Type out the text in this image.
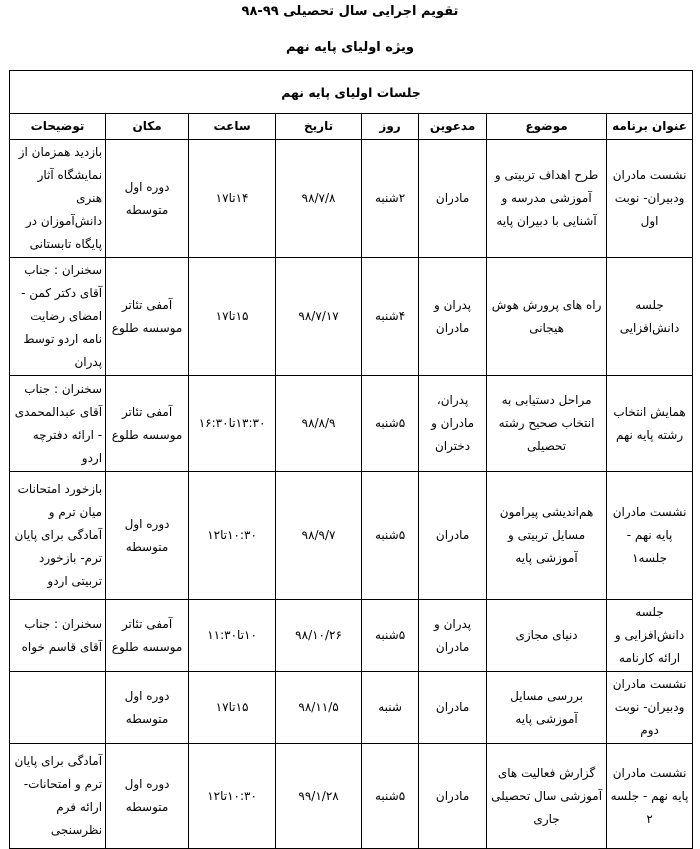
تقویم اجرایی سال تحصیلی ۹۹-۹۸
ویژه اولیای پایه نهم
جلسات اولیای پایه نهم							
عنوان برنامه	موضوع	مدعوین	روز	تاریخ	ساعت	مکان	توضیحات
نشست مادران ودبیران- نوبت اول	طرح اهداف تربیتی و آموزشی مدرسه و آشنایی با دبیران پایه	مادران	۲شنبه	۹۸/۷/۸	۱۴تا۱۷	دوره اول متوسطه	بازدید همزمان از نمایشگاه آثار هنری دانش‌آموزان در پایگاه تابستانی
جلسه دانش‌افزایی	راه های پرورش هوش هیجانی	پدران و مادران	۴شنبه	۹۸/۷/۱۷	۱۵تا۱۷	آمفی تئاتر موسسه طلوع	سخنران : جناب آقای دکتر کمن - امضای رضایت نامه اردو توسط پدران
همایش انتخاب رشته پایه نهم	مراحل دستیابی به انتخاب صحیح رشته تحصیلی	پدران، مادران و دختران	۵شنبه	۹۸/۸/۹	۱۳:۳۰تا۱۶:۳۰	آمفی تئاتر موسسه طلوع	سخنران : جناب آقای عبدالمحمدی - ارائه دفترچه اردو
نشست مادران پایه نهم - جلسه۱	هم‌اندیشی پیرامون مسایل تربیتی و آموزشی پایه	مادران	۵شنبه	۹۸/۹/۷	۱۰:۳۰تا۱۲	دوره اول متوسطه	بازخورد امتحانات میان ترم و آمادگی برای پایان ترم- بازخورد تربیتی اردو
جلسه دانش‌افزایی و ارائه کارنامه	دنیای مجازی	پدران و مادران	۵شنبه	۹۸/۱۰/۲۶	۱۰تا۱۱:۳۰	آمفی تئاتر موسسه طلوع	سخنران : جناب آقای قاسم خواه
نشست مادران ودبیران- نوبت دوم	بررسی مسایل آموزشی پایه	مادران	شنبه	۹۸/۱۱/۵	۱۵تا۱۷	دوره اول متوسطه	
نشست مادران پایه نهم - جلسه ۲	گزارش فعالیت های آموزشی سال تحصیلی جاری	مادران	۵شنبه	۹۹/۱/۲۸	۱۰:۳۰تا۱۲	دوره اول متوسطه	آمادگی برای پایان ترم و امتحانات- ارائه فرم نظرسنجی
